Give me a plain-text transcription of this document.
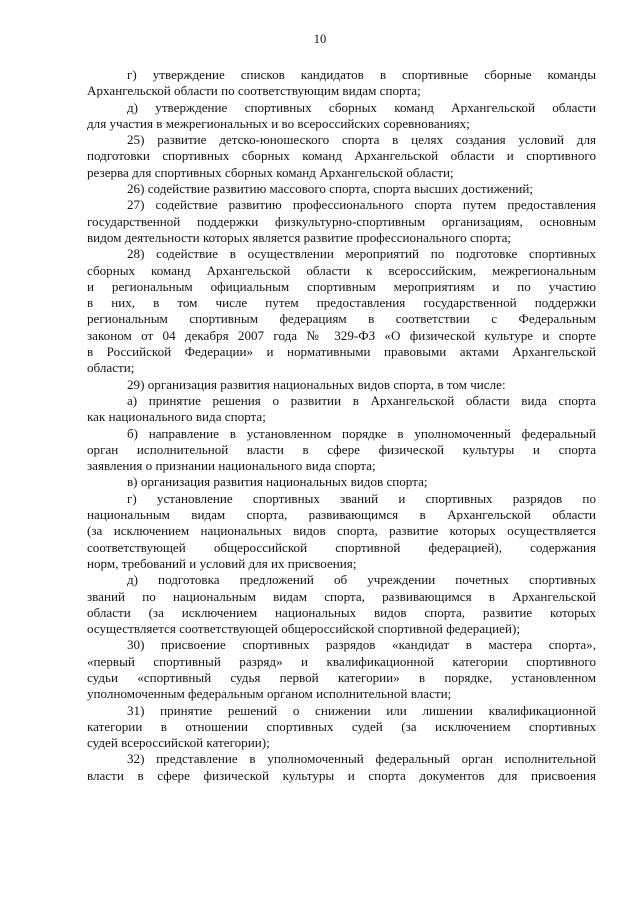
10

г) утверждение списков кандидатов в спортивные сборные команды
Архангельской области по соответствующим видам спорта;

д) утверждение спортивных сборных команд Архангельской области
для участия в межрегиональных и во всероссийских соревнованиях;

25) развитие детско-юношеского спорта в целях создания условий для
подготовки спортивных сборных команд Архангельской области и спортивного
резерва для спортивных сборных команд Архангельской области;

26) содействие развитию массового спорта, спорта высших достижений;

27) содействие развитию профессионального спорта путем предоставления
государственной поддержки физкультурно-спортивным организациям, основным
видом деятельности которых является развитие профессионального спорта;

28) содействие в осуществлении мероприятий по подготовке спортивных
сборных команд Архангельской области к всероссийским, межрегиональным
и региональным официальным спортивным мероприятиям и по участию
в них, в том числе путем предоставления государственной поддержки
региональным спортивным федерациям в соответствии с Федеральным
законом от 04 декабря 2007 года № 329-ФЗ «О физической культуре и спорте
в Российской Федерации» и нормативными правовыми актами Архангельской
области;

29) организация развития национальных видов спорта, в том числе:

а) принятие решения о развитии в Архангельской области вида спорта
как национального вида спорта;

б) направление в установленном порядке в уполномоченный федеральный
орган исполнительной власти в сфере физической культуры и спорта
заявления о признании национального вида спорта;

в) организация развития национальных видов спорта;

г) установление спортивных званий и спортивных разрядов по
национальным видам спорта, развивающимся в Архангельской области
(за исключением национальных видов спорта, развитие которых осуществляется
соответствующей общероссийской спортивной федерацией), содержания
норм, требований и условий для их присвоения;

д) подготовка предложений об учреждении почетных спортивных
званий по национальным видам спорта, развивающимся в Архангельской
области (за исключением национальных видов спорта, развитие которых
осуществляется соответствующей общероссийской спортивной федерацией);

30) присвоение спортивных разрядов «кандидат в мастера спорта»,
«первый спортивный разряд» и квалификационной категории спортивного
судьи «спортивный судья первой категории» в порядке, установленном
уполномоченным федеральным органом исполнительной власти;

31) принятие решений о снижении или лишении квалификационной
категории в отношении спортивных судей (за исключением спортивных
судей всероссийской категории);

32) представление в уполномоченный федеральный орган исполнительной
власти в сфере физической культуры и спорта документов для присвоения
